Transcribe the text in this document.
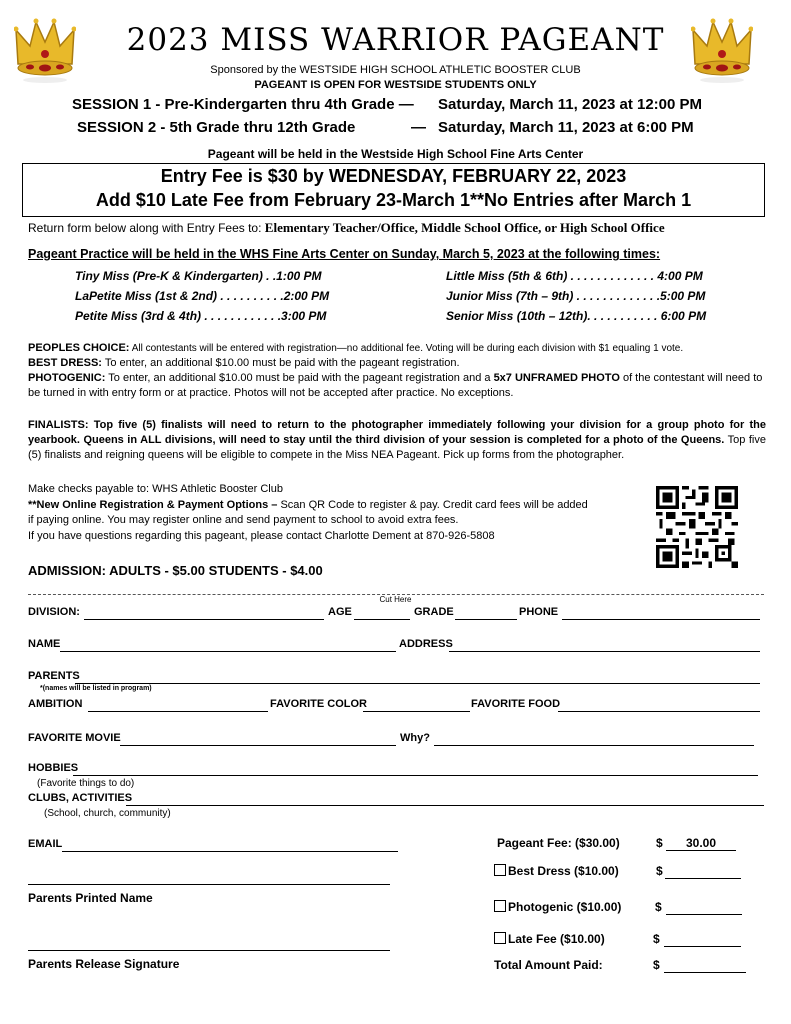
2023 MISS WARRIOR PAGEANT
Sponsored by the WESTSIDE HIGH SCHOOL ATHLETIC BOOSTER CLUB
PAGEANT IS OPEN FOR WESTSIDE STUDENTS ONLY
SESSION 1 - Pre-Kindergarten thru 4th Grade — Saturday, March 11, 2023 at 12:00 PM
SESSION 2 - 5th Grade thru 12th Grade	— Saturday, March 11, 2023 at 6:00 PM
Pageant will be held in the Westside High School Fine Arts Center
Entry Fee is $30 by WEDNESDAY, FEBRUARY 22, 2023
Add $10 Late Fee from February 23-March 1**No Entries after March 1
Return form below along with Entry Fees to: Elementary Teacher/Office, Middle School Office, or High School Office
Pageant Practice will be held in the WHS Fine Arts Center on Sunday, March 5, 2023 at the following times:
Tiny Miss (Pre-K & Kindergarten) . .1:00 PM
LaPetite Miss (1st & 2nd) . . . . . . . . . .2:00 PM
Petite Miss (3rd & 4th) . . . . . . . . . . . .3:00 PM
Little Miss (5th & 6th) . . . . . . . . . . . . . 4:00 PM
Junior Miss (7th – 9th) . . . . . . . . . . . . .5:00 PM
Senior Miss (10th – 12th). . . . . . . . . . . 6:00 PM
PEOPLES CHOICE: All contestants will be entered with registration—no additional fee. Voting will be during each division with $1 equaling 1 vote.
BEST DRESS: To enter, an additional $10.00 must be paid with the pageant registration.
PHOTOGENIC: To enter, an additional $10.00 must be paid with the pageant registration and a 5x7 UNFRAMED PHOTO of the contestant will need to be turned in with entry form or at practice. Photos will not be accepted after practice. No exceptions.
FINALISTS: Top five (5) finalists will need to return to the photographer immediately following your division for a group photo for the yearbook. Queens in ALL divisions, will need to stay until the third division of your session is completed for a photo of the Queens. Top five (5) finalists and reigning queens will be eligible to compete in the Miss NEA Pageant. Pick up forms from the photographer.
Make checks payable to: WHS Athletic Booster Club
**New Online Registration & Payment Options – Scan QR Code to register & pay. Credit card fees will be added if paying online. You may register online and send payment to school to avoid extra fees.
If you have questions regarding this pageant, please contact Charlotte Dement at 870-926-5808
ADMISSION: ADULTS - $5.00 STUDENTS - $4.00
Cut Here
DIVISION:	AGE	GRADE	PHONE
NAME	ADDRESS
PARENTS
*(names will be listed in program)
AMBITION	FAVORITE COLOR	FAVORITE FOOD
FAVORITE MOVIE	Why?
HOBBIES
(Favorite things to do)
CLUBS, ACTIVITIES
(School, church, community)
EMAIL
Parents Printed Name
Parents Release Signature
Pageant Fee: ($30.00)	$	30.00
Best Dress ($10.00)	$
Photogenic ($10.00)	$
Late Fee ($10.00)	$
Total Amount Paid:	$
